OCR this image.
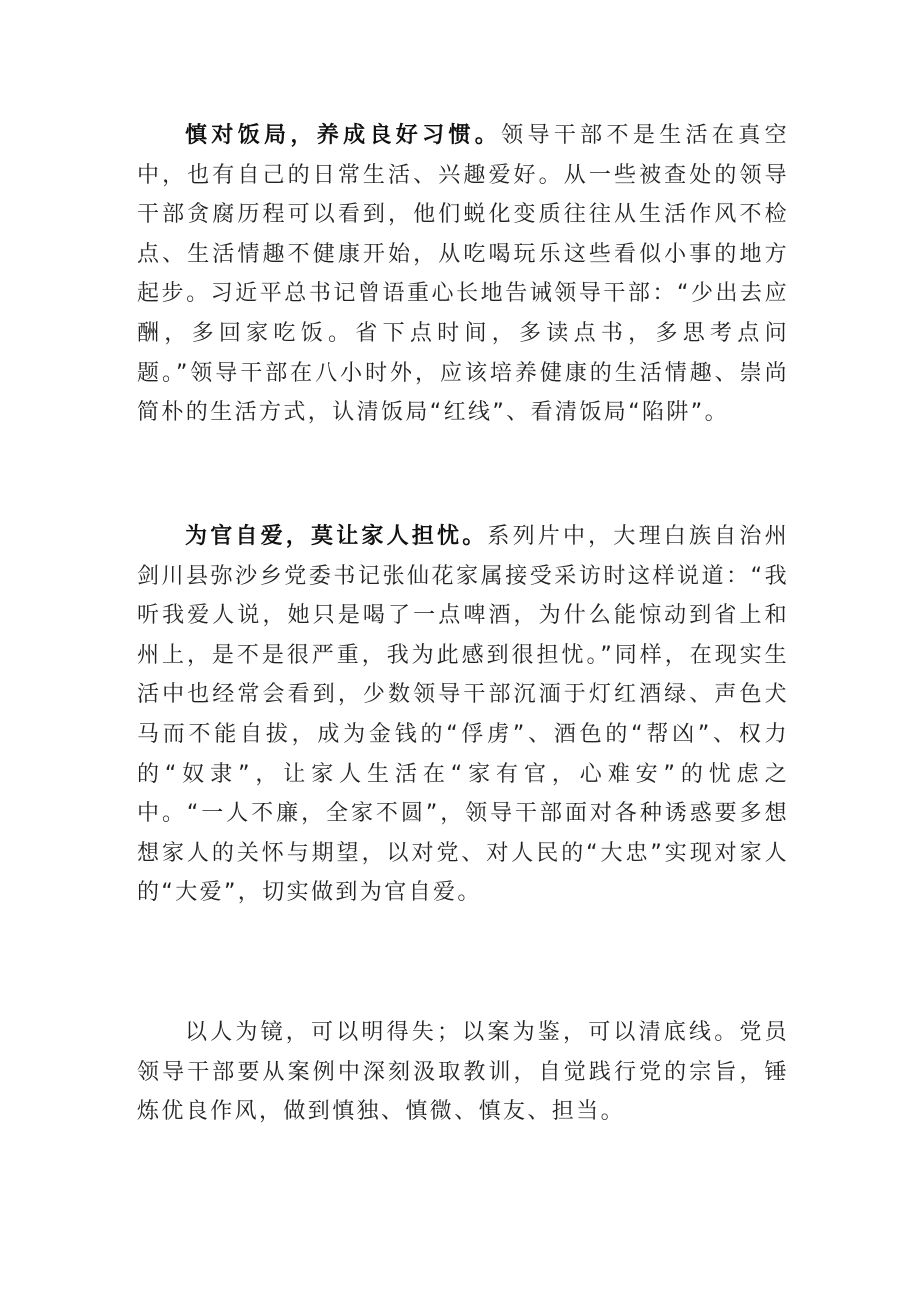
慎对饭局，养成良好习惯。领导干部不是生活在真空中，也有自己的日常生活、兴趣爱好。从一些被查处的领导干部贪腐历程可以看到，他们蜕化变质往往从生活作风不检点、生活情趣不健康开始，从吃喝玩乐这些看似小事的地方起步。习近平总书记曾语重心长地告诫领导干部：“少出去应酬，多回家吃饭。省下点时间，多读点书，多思考点问题。”领导干部在八小时外，应该培养健康的生活情趣、崇尚简朴的生活方式，认清饭局“红线”、看清饭局“陷阱”。

为官自爱，莫让家人担忧。系列片中，大理白族自治州剑川县弥沙乡党委书记张仙花家属接受采访时这样说道：“我听我爱人说，她只是喝了一点啤酒，为什么能惊动到省上和州上，是不是很严重，我为此感到很担忧。”同样，在现实生活中也经常会看到，少数领导干部沉湎于灯红酒绿、声色犬马而不能自拔，成为金钱的“俘虏”、酒色的“帮凶”、权力的“奴隶”，让家人生活在“家有官，心难安”的忧虑之中。“一人不廉，全家不圆”，领导干部面对各种诱惑要多想想家人的关怀与期望，以对党、对人民的“大忠”实现对家人的“大爱”，切实做到为官自爱。

以人为镜，可以明得失；以案为鉴，可以清底线。党员领导干部要从案例中深刻汲取教训，自觉践行党的宗旨，锤炼优良作风，做到慎独、慎微、慎友、担当。
